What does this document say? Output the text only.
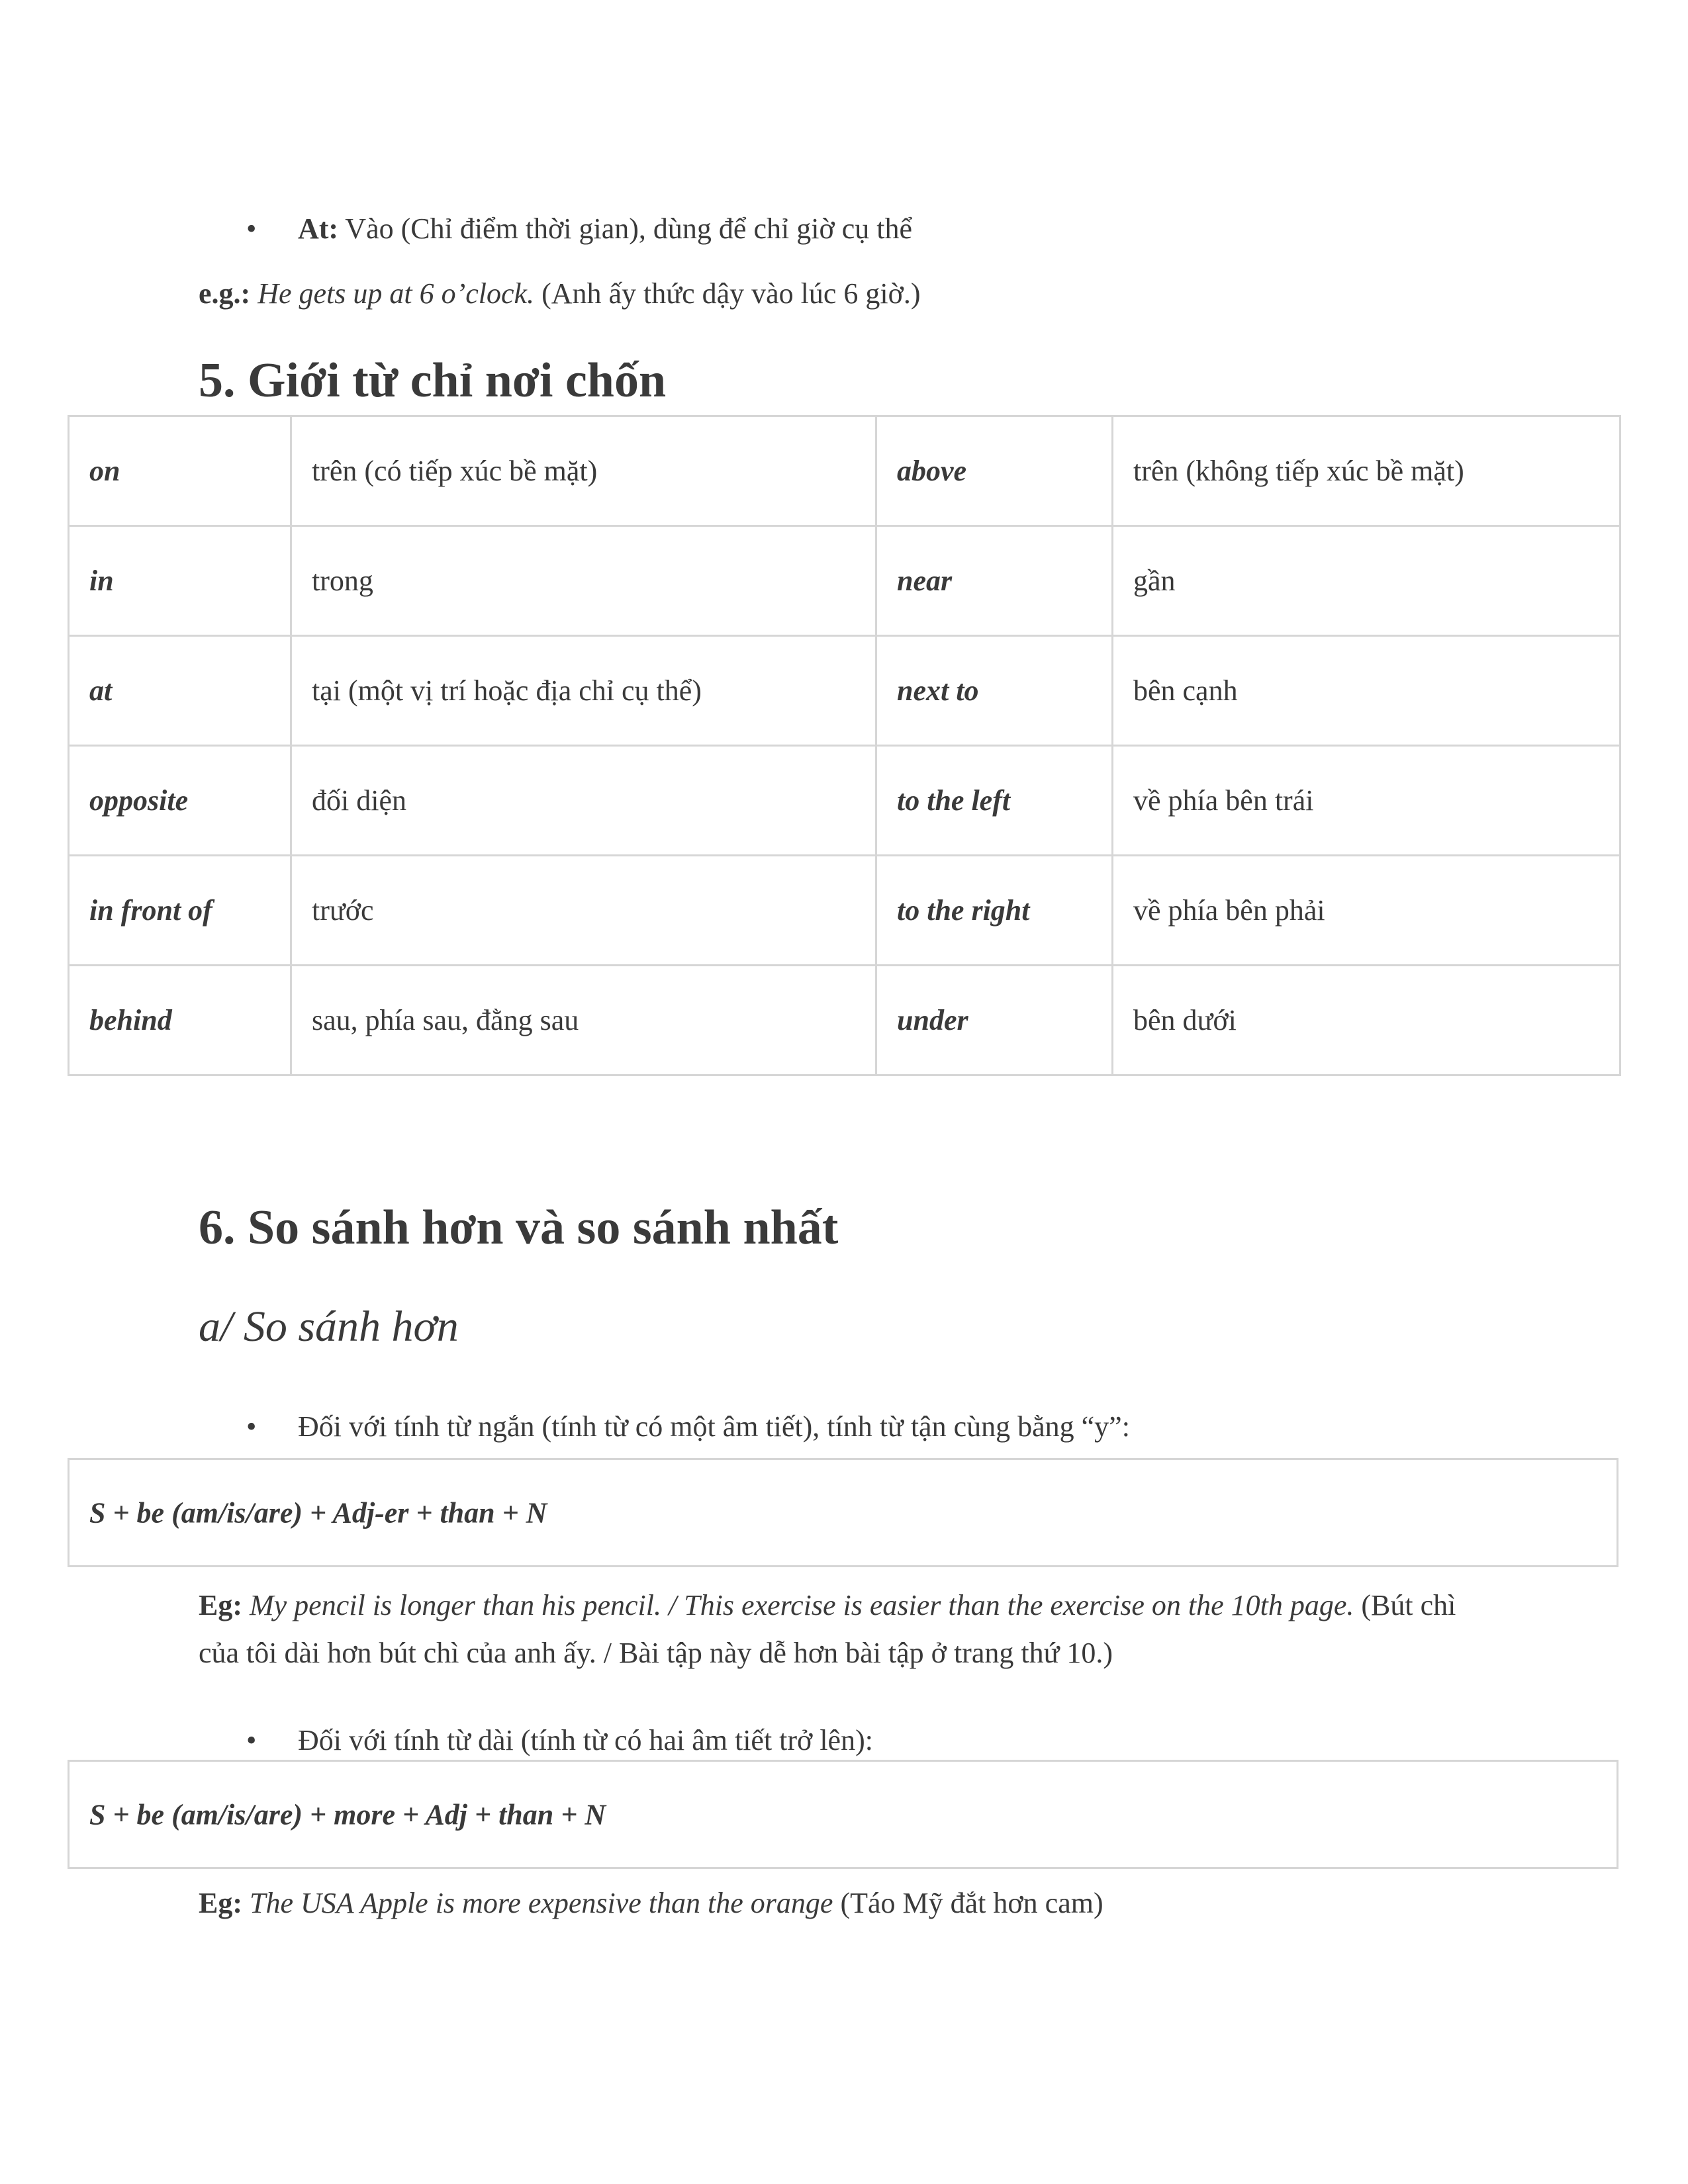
• At: Vào (Chỉ điểm thời gian), dùng để chỉ giờ cụ thể
e.g.: He gets up at 6 o’clock. (Anh ấy thức dậy vào lúc 6 giờ.)
5. Giới từ chỉ nơi chốn
on	trên (có tiếp xúc bề mặt)	above	trên (không tiếp xúc bề mặt)
in	trong	near	gần
at	tại (một vị trí hoặc địa chỉ cụ thể)	next to	bên cạnh
opposite	đối diện	to the left	về phía bên trái
in front of	trước	to the right	về phía bên phải
behind	sau, phía sau, đằng sau	under	bên dưới
6. So sánh hơn và so sánh nhất
a/ So sánh hơn
• Đối với tính từ ngắn (tính từ có một âm tiết), tính từ tận cùng bằng “y”:
S + be (am/is/are) + Adj-er + than + N
Eg: My pencil is longer than his pencil. / This exercise is easier than the exercise on the 10th page. (Bút chì
của tôi dài hơn bút chì của anh ấy. / Bài tập này dễ hơn bài tập ở trang thứ 10.)
• Đối với tính từ dài (tính từ có hai âm tiết trở lên):
S + be (am/is/are) + more + Adj + than + N
Eg: The USA Apple is more expensive than the orange (Táo Mỹ đắt hơn cam)
